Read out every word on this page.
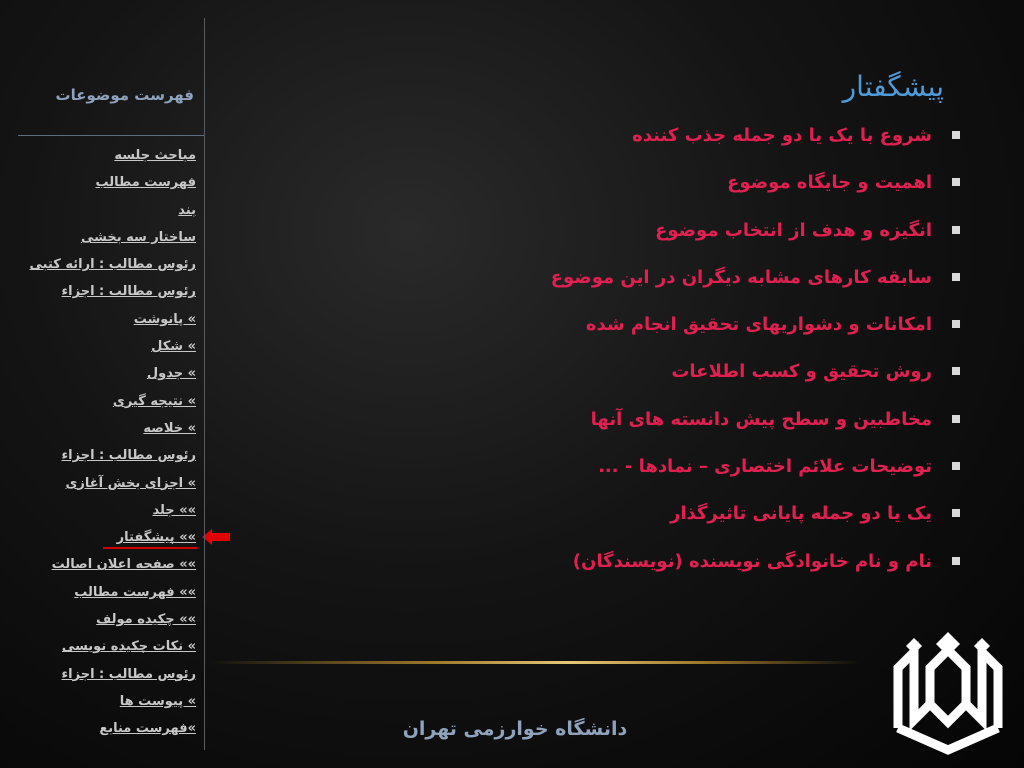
فهرست موضوعات
مباحث جلسه
فهرست مطالب
بند
ساختار سه بخشی
رئوس مطالب : ارائه کتبی
رئوس مطالب : اجزاء
» پانوشت
» شکل
» جدول
» نتیجه گیری
» خلاصه
رئوس مطالب : اجزاء
» اجزای بخش آغازی
»» جلد
»» پیشگفتار
»» صفحه اعلان اصالت
»» فهرست مطالب
»» چکیده مولف
» نکات چکیده نویسی
رئوس مطالب : اجزاء
» پیوست ها
»فهرست منابع
پیشگفتار
شروع با یک یا دو جمله جذب کننده
اهمیت و جایگاه موضوع
انگیزه و هدف از انتخاب موضوع
سابقه کارهای مشابه دیگران در این موضوع
امکانات و دشواریهای تحقیق انجام شده
روش تحقیق و کسب اطلاعات
مخاطبین و سطح پیش دانسته های آنها
توضیحات علائم اختصاری – نمادها - ...
یک یا دو جمله پایانی تاثیرگذار
نام و نام خانوادگی نویسنده (نویسندگان)
دانشگاه خوارزمی تهران
